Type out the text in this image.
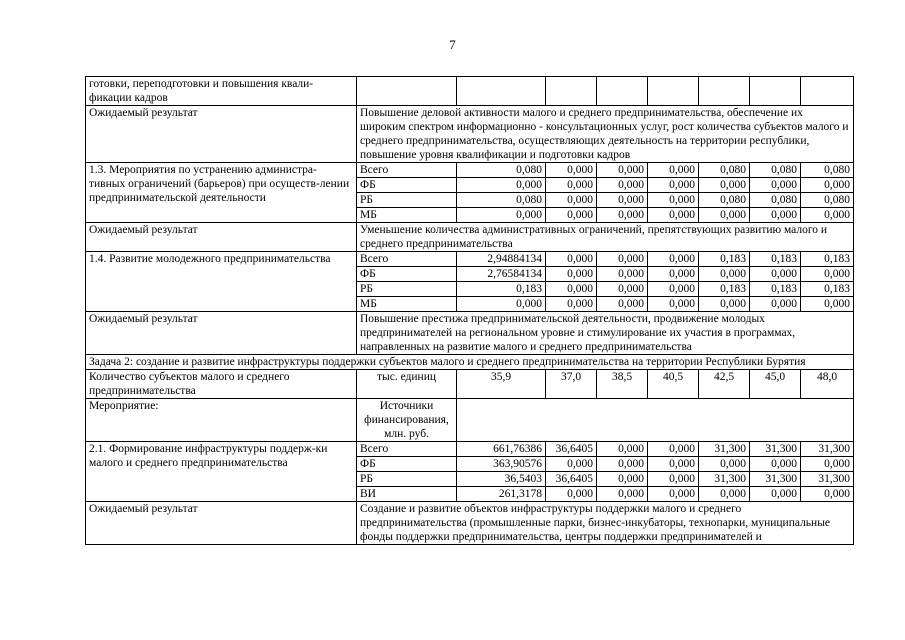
7
готовки, переподготовки и повышения квали-фикации кадров								
Ожидаемый результат	Повышение деловой активности малого и среднего предпринимательства, обеспечение их широким спектром информационно - консультационных услуг, рост количества субъектов малого и среднего предпринимательства, осуществляющих деятельность на территории республики, повышение уровня квалификации и подготовки кадров							
1.3. Мероприятия по устранению администра-тивных ограничений (барьеров) при осуществ-лении предпринимательской деятельности	Всего	0,080	0,000	0,000	0,000	0,080	0,080	0,080
	ФБ	0,000	0,000	0,000	0,000	0,000	0,000	0,000
	РБ	0,080	0,000	0,000	0,000	0,080	0,080	0,080
	МБ	0,000	0,000	0,000	0,000	0,000	0,000	0,000
Ожидаемый результат	Уменьшение количества административных ограничений, препятствующих развитию малого и среднего предпринимательства							
1.4. Развитие молодежного предпринимательства	Всего	2,94884134	0,000	0,000	0,000	0,183	0,183	0,183
	ФБ	2,76584134	0,000	0,000	0,000	0,000	0,000	0,000
	РБ	0,183	0,000	0,000	0,000	0,183	0,183	0,183
	МБ	0,000	0,000	0,000	0,000	0,000	0,000	0,000
Ожидаемый результат	Повышение престижа предпринимательской деятельности, продвижение молодых предпринимателей на региональном уровне и стимулирование их участия в программах, направленных на развитие малого и среднего предпринимательства							
Задача 2: создание и развитие инфраструктуры поддержки субъектов малого и среднего предпринимательства на территории Республики Бурятия								
Количество субъектов малого и среднего предпринимательства	тыс. единиц	35,9	37,0	38,5	40,5	42,5	45,0	48,0
Мероприятие:	Источники финансирования, млн. руб.							
2.1. Формирование инфраструктуры поддерж-ки малого и среднего предпринимательства	Всего	661,76386	36,6405	0,000	0,000	31,300	31,300	31,300
	ФБ	363,90576	0,000	0,000	0,000	0,000	0,000	0,000
	РБ	36,5403	36,6405	0,000	0,000	31,300	31,300	31,300
	ВИ	261,3178	0,000	0,000	0,000	0,000	0,000	0,000
Ожидаемый результат	Создание и развитие объектов инфраструктуры поддержки малого и среднего предпринимательства (промышленные парки, бизнес-инкубаторы, технопарки, муниципальные фонды поддержки предпринимательства, центры поддержки предпринимателей и							
